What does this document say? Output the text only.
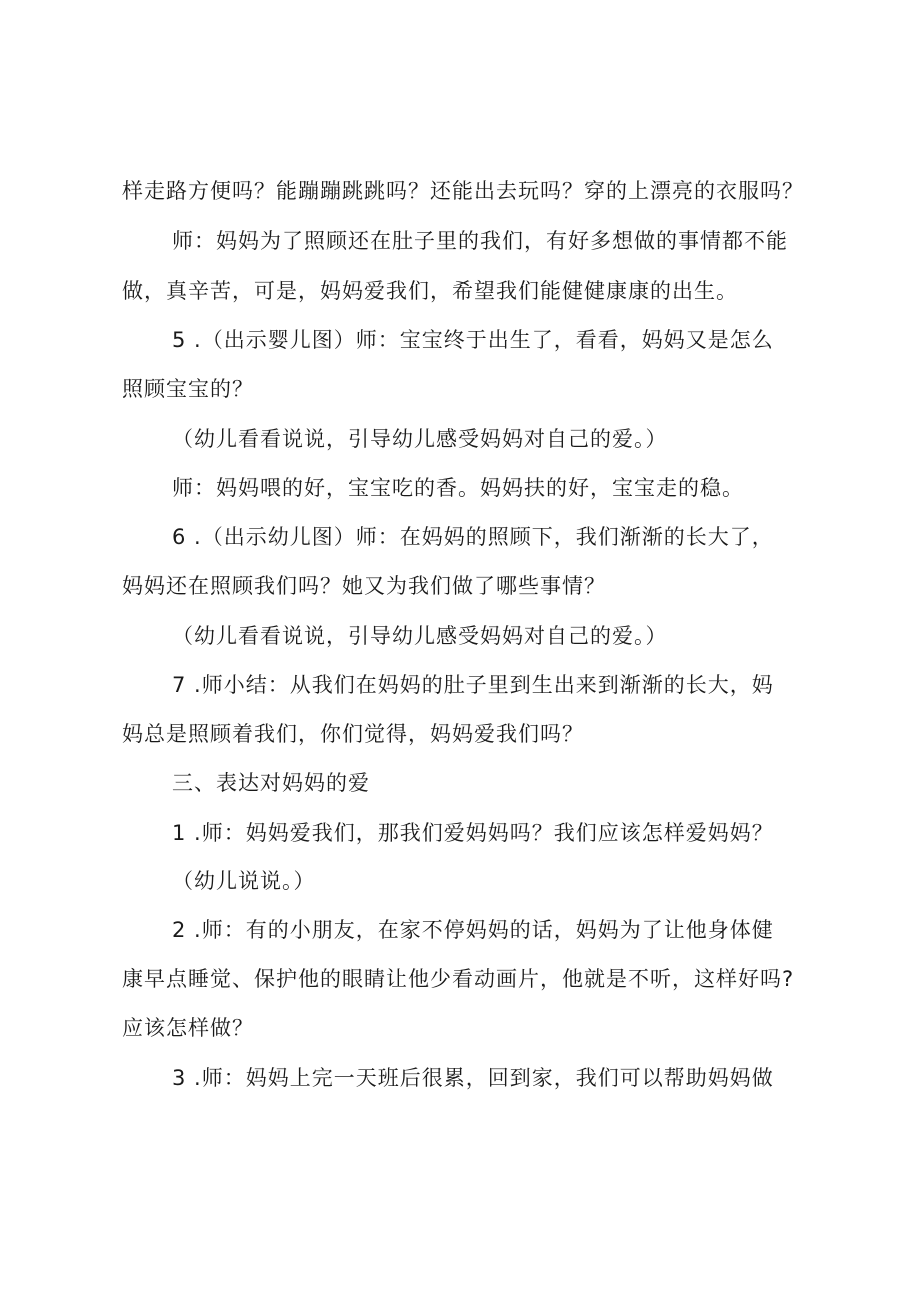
样走路方便吗？能蹦蹦跳跳吗？还能出去玩吗？穿的上漂亮的衣服吗？
师：妈妈为了照顾还在肚子里的我们，有好多想做的事情都不能
做，真辛苦，可是，妈妈爱我们，希望我们能健健康康的出生。
5 .（出示婴儿图）师：宝宝终于出生了，看看，妈妈又是怎么
照顾宝宝的？
（幼儿看看说说，引导幼儿感受妈妈对自己的爱。）
师：妈妈喂的好，宝宝吃的香。妈妈扶的好，宝宝走的稳。
6 .（出示幼儿图）师：在妈妈的照顾下，我们渐渐的长大了，
妈妈还在照顾我们吗？她又为我们做了哪些事情？
（幼儿看看说说，引导幼儿感受妈妈对自己的爱。）
7 .师小结：从我们在妈妈的肚子里到生出来到渐渐的长大，妈
妈总是照顾着我们，你们觉得，妈妈爱我们吗？
三、表达对妈妈的爱
1 .师：妈妈爱我们，那我们爱妈妈吗？我们应该怎样爱妈妈？
（幼儿说说。）
2 .师：有的小朋友，在家不停妈妈的话，妈妈为了让他身体健
康早点睡觉、保护他的眼睛让他少看动画片，他就是不听，这样好吗?
应该怎样做？
3 .师：妈妈上完一天班后很累，回到家，我们可以帮助妈妈做
